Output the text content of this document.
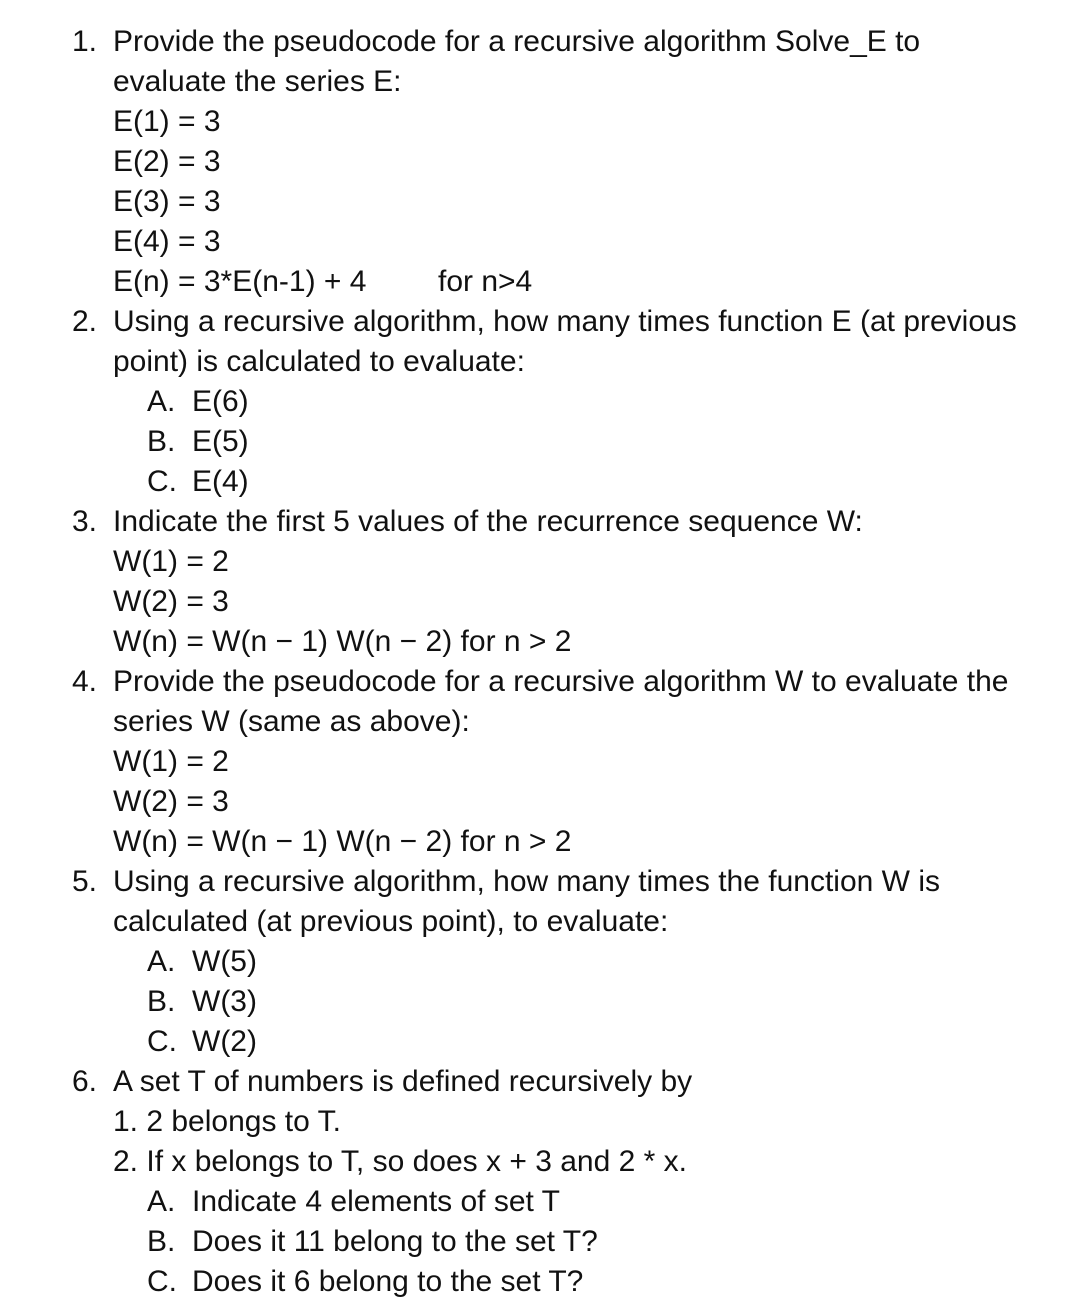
1. Provide the pseudocode for a recursive algorithm Solve_E to
evaluate the series E:
E(1) = 3
E(2) = 3
E(3) = 3
E(4) = 3
E(n) = 3*E(n-1) + 4 for n>4
2. Using a recursive algorithm, how many times function E (at previous
point) is calculated to evaluate:
A. E(6)
B. E(5)
C. E(4)
3. Indicate the first 5 values of the recurrence sequence W:
W(1) = 2
W(2) = 3
W(n) = W(n − 1) W(n − 2) for n > 2
4. Provide the pseudocode for a recursive algorithm W to evaluate the
series W (same as above):
W(1) = 2
W(2) = 3
W(n) = W(n − 1) W(n − 2) for n > 2
5. Using a recursive algorithm, how many times the function W is
calculated (at previous point), to evaluate:
A. W(5)
B. W(3)
C. W(2)
6. A set T of numbers is defined recursively by
1. 2 belongs to T.
2. If x belongs to T, so does x + 3 and 2 * x.
A. Indicate 4 elements of set T
B. Does it 11 belong to the set T?
C. Does it 6 belong to the set T?
